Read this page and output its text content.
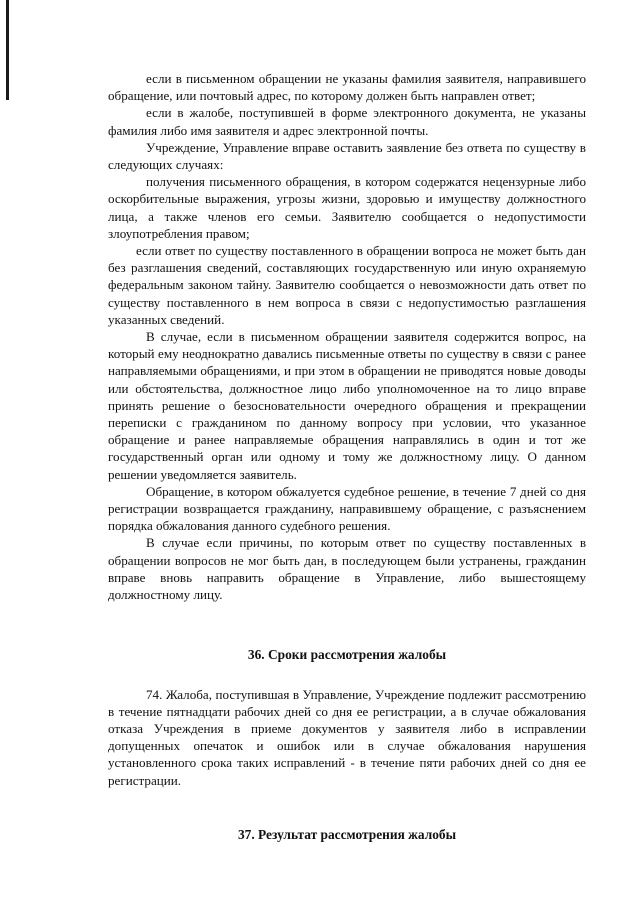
если в письменном обращении не указаны фамилия заявителя, направившего обращение, или почтовый адрес, по которому должен быть направлен ответ;

если в жалобе, поступившей в форме электронного документа, не указаны фамилия либо имя заявителя и адрес электронной почты.

Учреждение, Управление вправе оставить заявление без ответа по существу в следующих случаях:

получения письменного обращения, в котором содержатся нецензурные либо оскорбительные выражения, угрозы жизни, здоровью и имуществу должностного лица, а также членов его семьи. Заявителю сообщается о недопустимости злоупотребления правом;

если ответ по существу поставленного в обращении вопроса не может быть дан без разглашения сведений, составляющих государственную или иную охраняемую федеральным законом тайну. Заявителю сообщается о невозможности дать ответ по существу поставленного в нем вопроса в связи с недопустимостью разглашения указанных сведений.

В случае, если в письменном обращении заявителя содержится вопрос, на который ему неоднократно давались письменные ответы по существу в связи с ранее направляемыми обращениями, и при этом в обращении не приводятся новые доводы или обстоятельства, должностное лицо либо уполномоченное на то лицо вправе принять решение о безосновательности очередного обращения и прекращении переписки с гражданином по данному вопросу при условии, что указанное обращение и ранее направляемые обращения направлялись в один и тот же государственный орган или одному и тому же должностному лицу. О данном решении уведомляется заявитель.

Обращение, в котором обжалуется судебное решение, в течение 7 дней со дня регистрации возвращается гражданину, направившему обращение, с разъяснением порядка обжалования данного судебного решения.

В случае если причины, по которым ответ по существу поставленных в обращении вопросов не мог быть дан, в последующем были устранены, гражданин вправе вновь направить обращение в Управление, либо вышестоящему должностному лицу.

36. Сроки рассмотрения жалобы

74. Жалоба, поступившая в Управление, Учреждение подлежит рассмотрению в течение пятнадцати рабочих дней со дня ее регистрации, а в случае обжалования отказа Учреждения в приеме документов у заявителя либо в исправлении допущенных опечаток и ошибок или в случае обжалования нарушения установленного срока таких исправлений - в течение пяти рабочих дней со дня ее регистрации.

37. Результат рассмотрения жалобы
